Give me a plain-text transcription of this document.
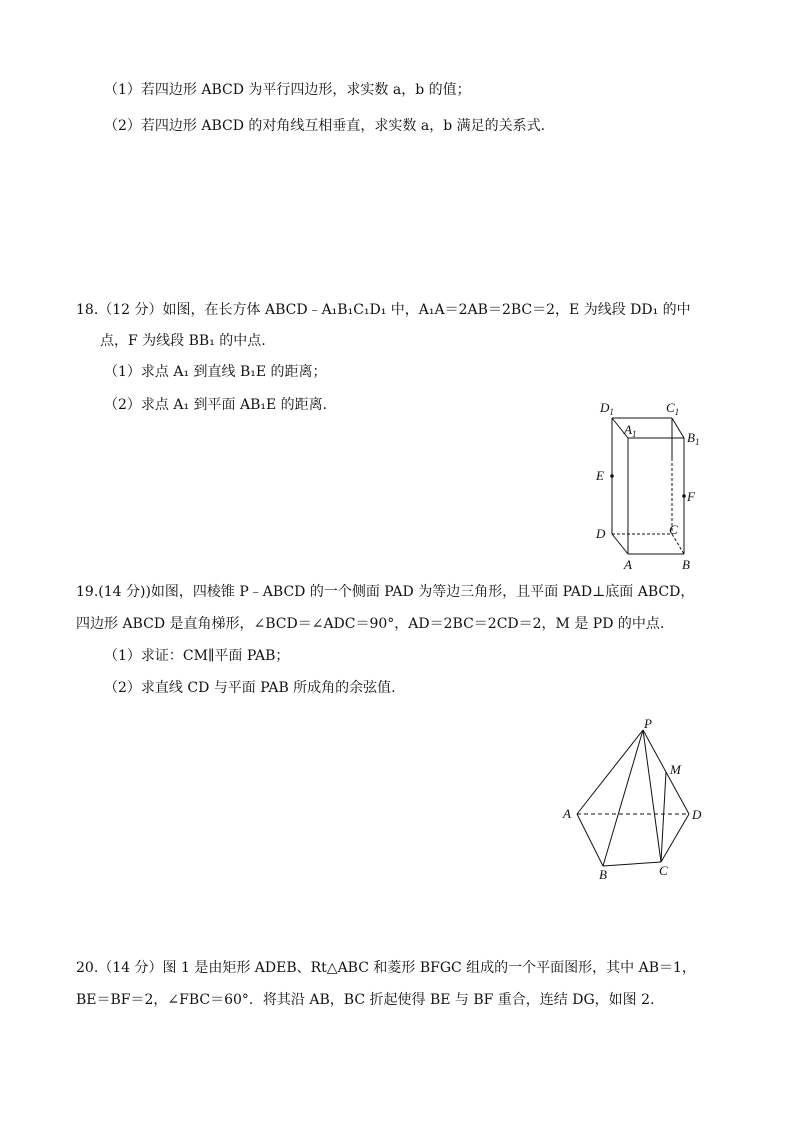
（1）若四边形 ABCD 为平行四边形，求实数 a，b 的值；
（2）若四边形 ABCD 的对角线互相垂直，求实数 a，b 满足的关系式.
18.（12 分）如图，在长方体 ABCD﹣A₁B₁C₁D₁ 中，A₁A＝2AB＝2BC＝2，E 为线段 DD₁ 的中
点，F 为线段 BB₁ 的中点.
（1）求点 A₁ 到直线 B₁E 的距离；
（2）求点 A₁ 到平面 AB₁E 的距离.	$D_1$	$C_1$
$A_1$	$B_1$
E
F
D	C
A	B
19.(14 分))如图，四棱锥 P﹣ABCD 的一个侧面 PAD 为等边三角形，且平面 PAD⊥底面 ABCD，
四边形 ABCD 是直角梯形，∠BCD＝∠ADC＝90°，AD＝2BC＝2CD＝2，M 是 PD 的中点.
（1）求证：CM∥平面 PAB；
（2）求直线 CD 与平面 PAB 所成角的余弦值.
P
M
A	D
B	C
20.（14 分）图 1 是由矩形 ADEB、Rt△ABC 和菱形 BFGC 组成的一个平面图形，其中 AB＝1，
BE＝BF＝2，∠FBC＝60°．将其沿 AB，BC 折起使得 BE 与 BF 重合，连结 DG，如图 2.
